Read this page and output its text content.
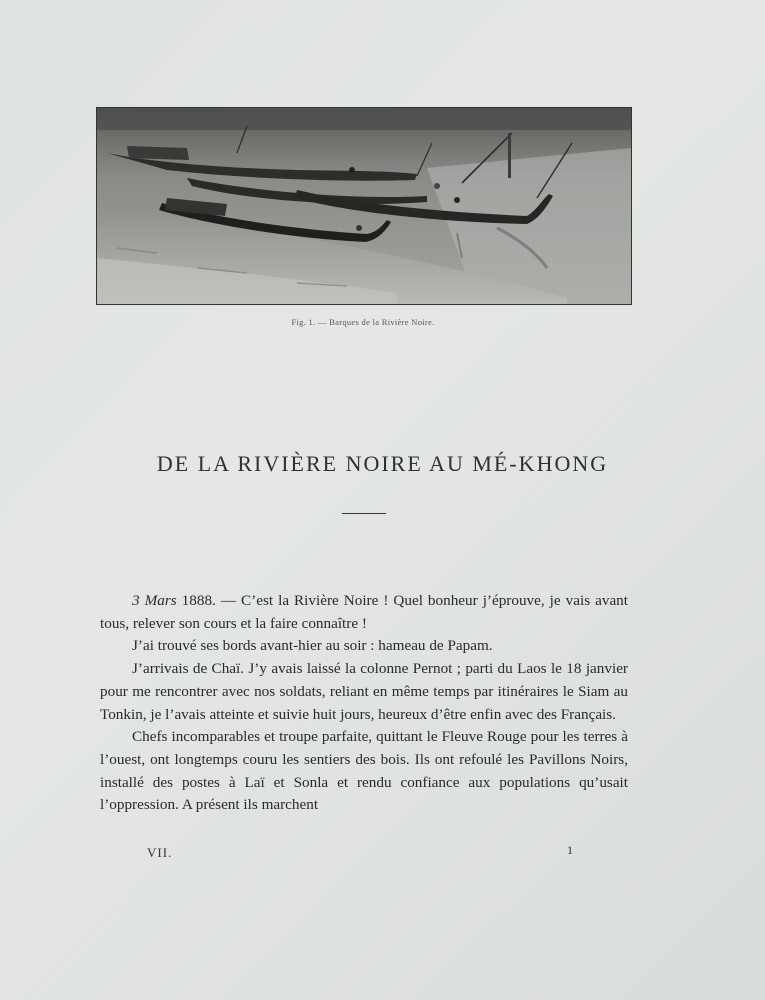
Fig. 1. — Barques de la Rivière Noire.
DE LA RIVIÈRE NOIRE AU MÉ-KHONG

3 Mars 1888. — C’est la Rivière Noire ! Quel bonheur j’éprouve, je vais avant tous, relever son cours et la faire connaître !

J’ai trouvé ses bords avant-hier au soir : hameau de Papam.

J’arrivais de Chaï. J’y avais laissé la colonne Pernot ; parti du Laos le 18 janvier pour me rencontrer avec nos soldats, reliant en même temps par itinéraires le Siam au Tonkin, je l’avais atteinte et suivie huit jours, heureux d’être enfin avec des Français.

Chefs incomparables et troupe parfaite, quittant le Fleuve Rouge pour les terres à l’ouest, ont longtemps couru les sentiers des bois. Ils ont refoulé les Pavillons Noirs, installé des postes à Laï et Sonla et rendu confiance aux populations qu’usait l’oppression. A présent ils marchent

VII.	1
